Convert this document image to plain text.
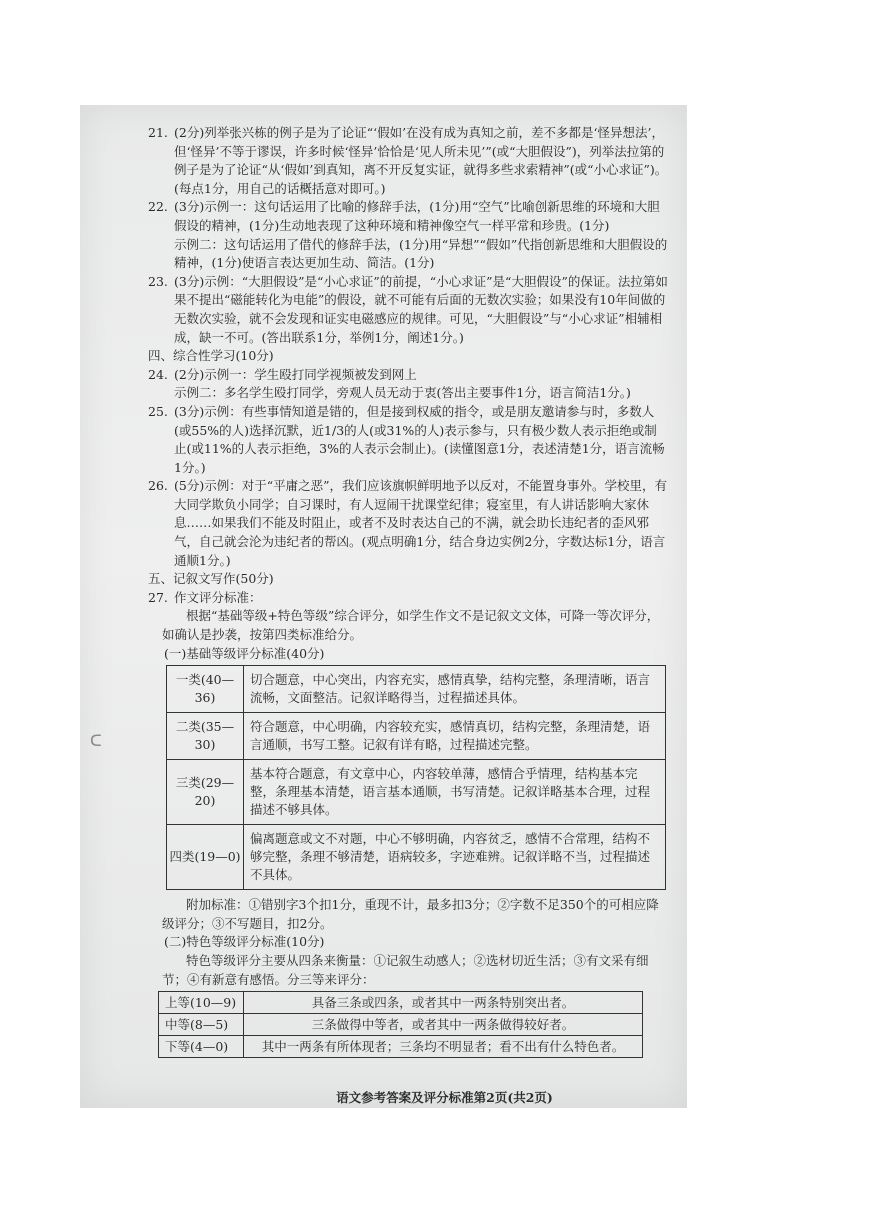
ᑕ
21. (2分)列举张兴栋的例子是为了论证“‘假如’在没有成为真知之前，差不多都是‘怪异想法’，但‘怪异’不等于谬误，许多时候‘怪异’恰恰是‘见人所未见’”(或“大胆假设”)，列举法拉第的例子是为了论证“从‘假如’到真知，离不开反复实证，就得多些求索精神”(或“小心求证”)。(每点1分，用自己的话概括意对即可。)

22. (3分)示例一：这句话运用了比喻的修辞手法，(1分)用“空气”比喻创新思维的环境和大胆假设的精神，(1分)生动地表现了这种环境和精神像空气一样平常和珍贵。(1分)

示例二：这句话运用了借代的修辞手法，(1分)用“异想”“假如”代指创新思维和大胆假设的精神，(1分)使语言表达更加生动、简洁。(1分)

23. (3分)示例：“大胆假设”是“小心求证”的前提，“小心求证”是“大胆假设”的保证。法拉第如果不提出“磁能转化为电能”的假设，就不可能有后面的无数次实验；如果没有10年间做的无数次实验，就不会发现和证实电磁感应的规律。可见，“大胆假设”与“小心求证”相辅相成，缺一不可。(答出联系1分，举例1分，阐述1分。)

四、综合性学习(10分)

24. (2分)示例一：学生殴打同学视频被发到网上

示例二：多名学生殴打同学，旁观人员无动于衷(答出主要事件1分，语言简洁1分。)

25. (3分)示例：有些事情知道是错的，但是接到权威的指令，或是朋友邀请参与时，多数人(或55%的人)选择沉默，近1/3的人(或31%的人)表示参与，只有极少数人表示拒绝或制止(或11%的人表示拒绝，3%的人表示会制止)。(读懂图意1分，表述清楚1分，语言流畅1分。)

26. (5分)示例：对于“平庸之恶”，我们应该旗帜鲜明地予以反对，不能置身事外。学校里，有大同学欺负小同学；自习课时，有人逗闹干扰课堂纪律；寝室里，有人讲话影响大家休息……如果我们不能及时阻止，或者不及时表达自己的不满，就会助长违纪者的歪风邪气，自己就会沦为违纪者的帮凶。(观点明确1分，结合身边实例2分，字数达标1分，语言通顺1分。)

五、记叙文写作(50分)

27. 作文评分标准：

根据“基础等级+特色等级”综合评分，如学生作文不是记叙文文体，可降一等次评分，如确认是抄袭，按第四类标准给分。

(一)基础等级评分标准(40分)

一类(40—36)	切合题意，中心突出，内容充实，感情真挚，结构完整，条理清晰，语言流畅，文面整洁。记叙详略得当，过程描述具体。
二类(35—30)	符合题意，中心明确，内容较充实，感情真切，结构完整，条理清楚，语言通顺，书写工整。记叙有详有略，过程描述完整。
三类(29—20)	基本符合题意，有文章中心，内容较单薄，感情合乎情理，结构基本完整，条理基本清楚，语言基本通顺，书写清楚。记叙详略基本合理，过程描述不够具体。
四类(19—0)	偏离题意或文不对题，中心不够明确，内容贫乏，感情不合常理，结构不够完整，条理不够清楚，语病较多，字迹难辨。记叙详略不当，过程描述不具体。

附加标准：①错别字3个扣1分，重现不计，最多扣3分；②字数不足350个的可相应降级评分；③不写题目，扣2分。

(二)特色等级评分标准(10分)

特色等级评分主要从四条来衡量：①记叙生动感人；②选材切近生活；③有文采有细节；④有新意有感悟。分三等来评分：

上等(10—9)	具备三条或四条，或者其中一两条特别突出者。
中等(8—5)	三条做得中等者，或者其中一两条做得较好者。
下等(4—0)	其中一两条有所体现者；三条均不明显者；看不出有什么特色者。
语文参考答案及评分标准第2页(共2页)
